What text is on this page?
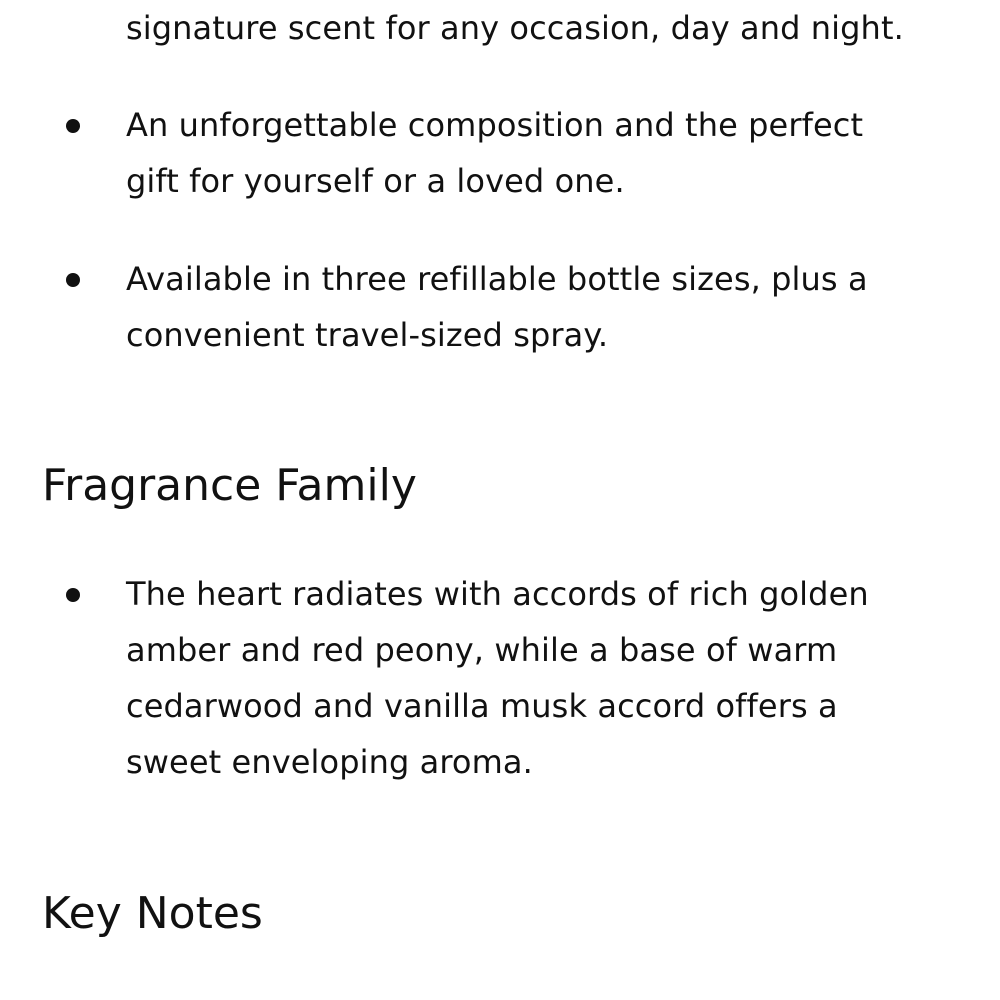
signature scent for any occasion, day and night.
An unforgettable composition and the perfect
gift for yourself or a loved one.
Available in three refillable bottle sizes, plus a
convenient travel-sized spray.
Fragrance Family
The heart radiates with accords of rich golden
amber and red peony, while a base of warm
cedarwood and vanilla musk accord offers a
sweet enveloping aroma.
Key Notes
